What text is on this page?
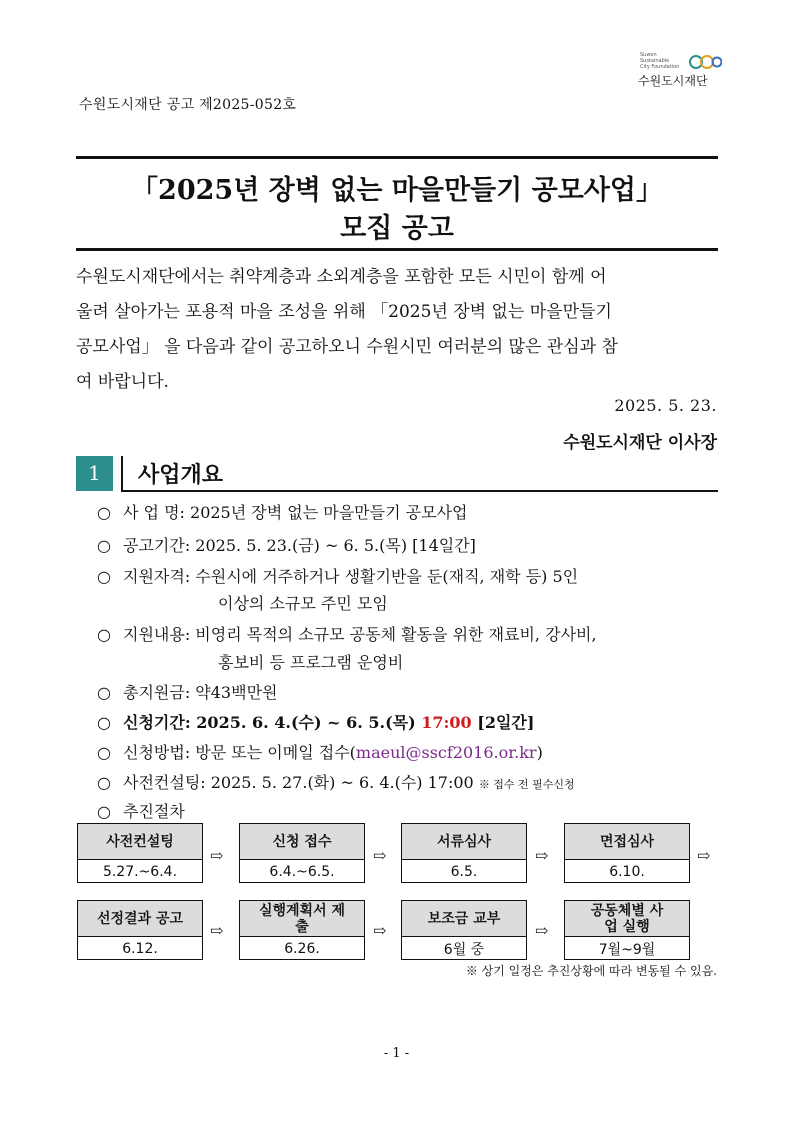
Suwon
Sustainable
City Foundation
수원도시재단
수원도시재단 공고 제2025-052호
「2025년 장벽 없는 마을만들기 공모사업」
모집 공고
수원도시재단에서는 취약계층과 소외계층을 포함한 모든 시민이 함께 어
울려 살아가는 포용적 마을 조성을 위해 「2025년 장벽 없는 마을만들기
공모사업」 을 다음과 같이 공고하오니 수원시민 여러분의 많은 관심과 참
여 바랍니다.
2025. 5. 23.
수원도시재단 이사장
1	사업개요
○ 사 업 명: 2025년 장벽 없는 마을만들기 공모사업
○ 공고기간: 2025. 5. 23.(금) ~ 6. 5.(목) [14일간]
○ 지원자격: 수원시에 거주하거나 생활기반을 둔(재직, 재학 등) 5인
이상의 소규모 주민 모임
○ 지원내용: 비영리 목적의 소규모 공동체 활동을 위한 재료비, 강사비,
홍보비 등 프로그램 운영비
○ 총지원금: 약43백만원
○ 신청기간: 2025. 6. 4.(수) ~ 6. 5.(목) 17:00 [2일간]
○ 신청방법: 방문 또는 이메일 접수(maeul@sscf2016.or.kr)
○ 사전컨설팅: 2025. 5. 27.(화) ~ 6. 4.(수) 17:00 ※ 접수 전 필수신청
○ 추진절차
사전컨설팅
5.27.~6.4.
⇨
신청 접수
6.4.~6.5.
⇨
서류심사
6.5.
⇨
면접심사
6.10.
⇨
선정결과 공고
6.12.
⇨
실행계획서 제출
6.26.
⇨
보조금 교부
6월 중
⇨
공동체별 사업 실행
7월~9월
※ 상기 일정은 추진상황에 따라 변동될 수 있음.
- 1 -
